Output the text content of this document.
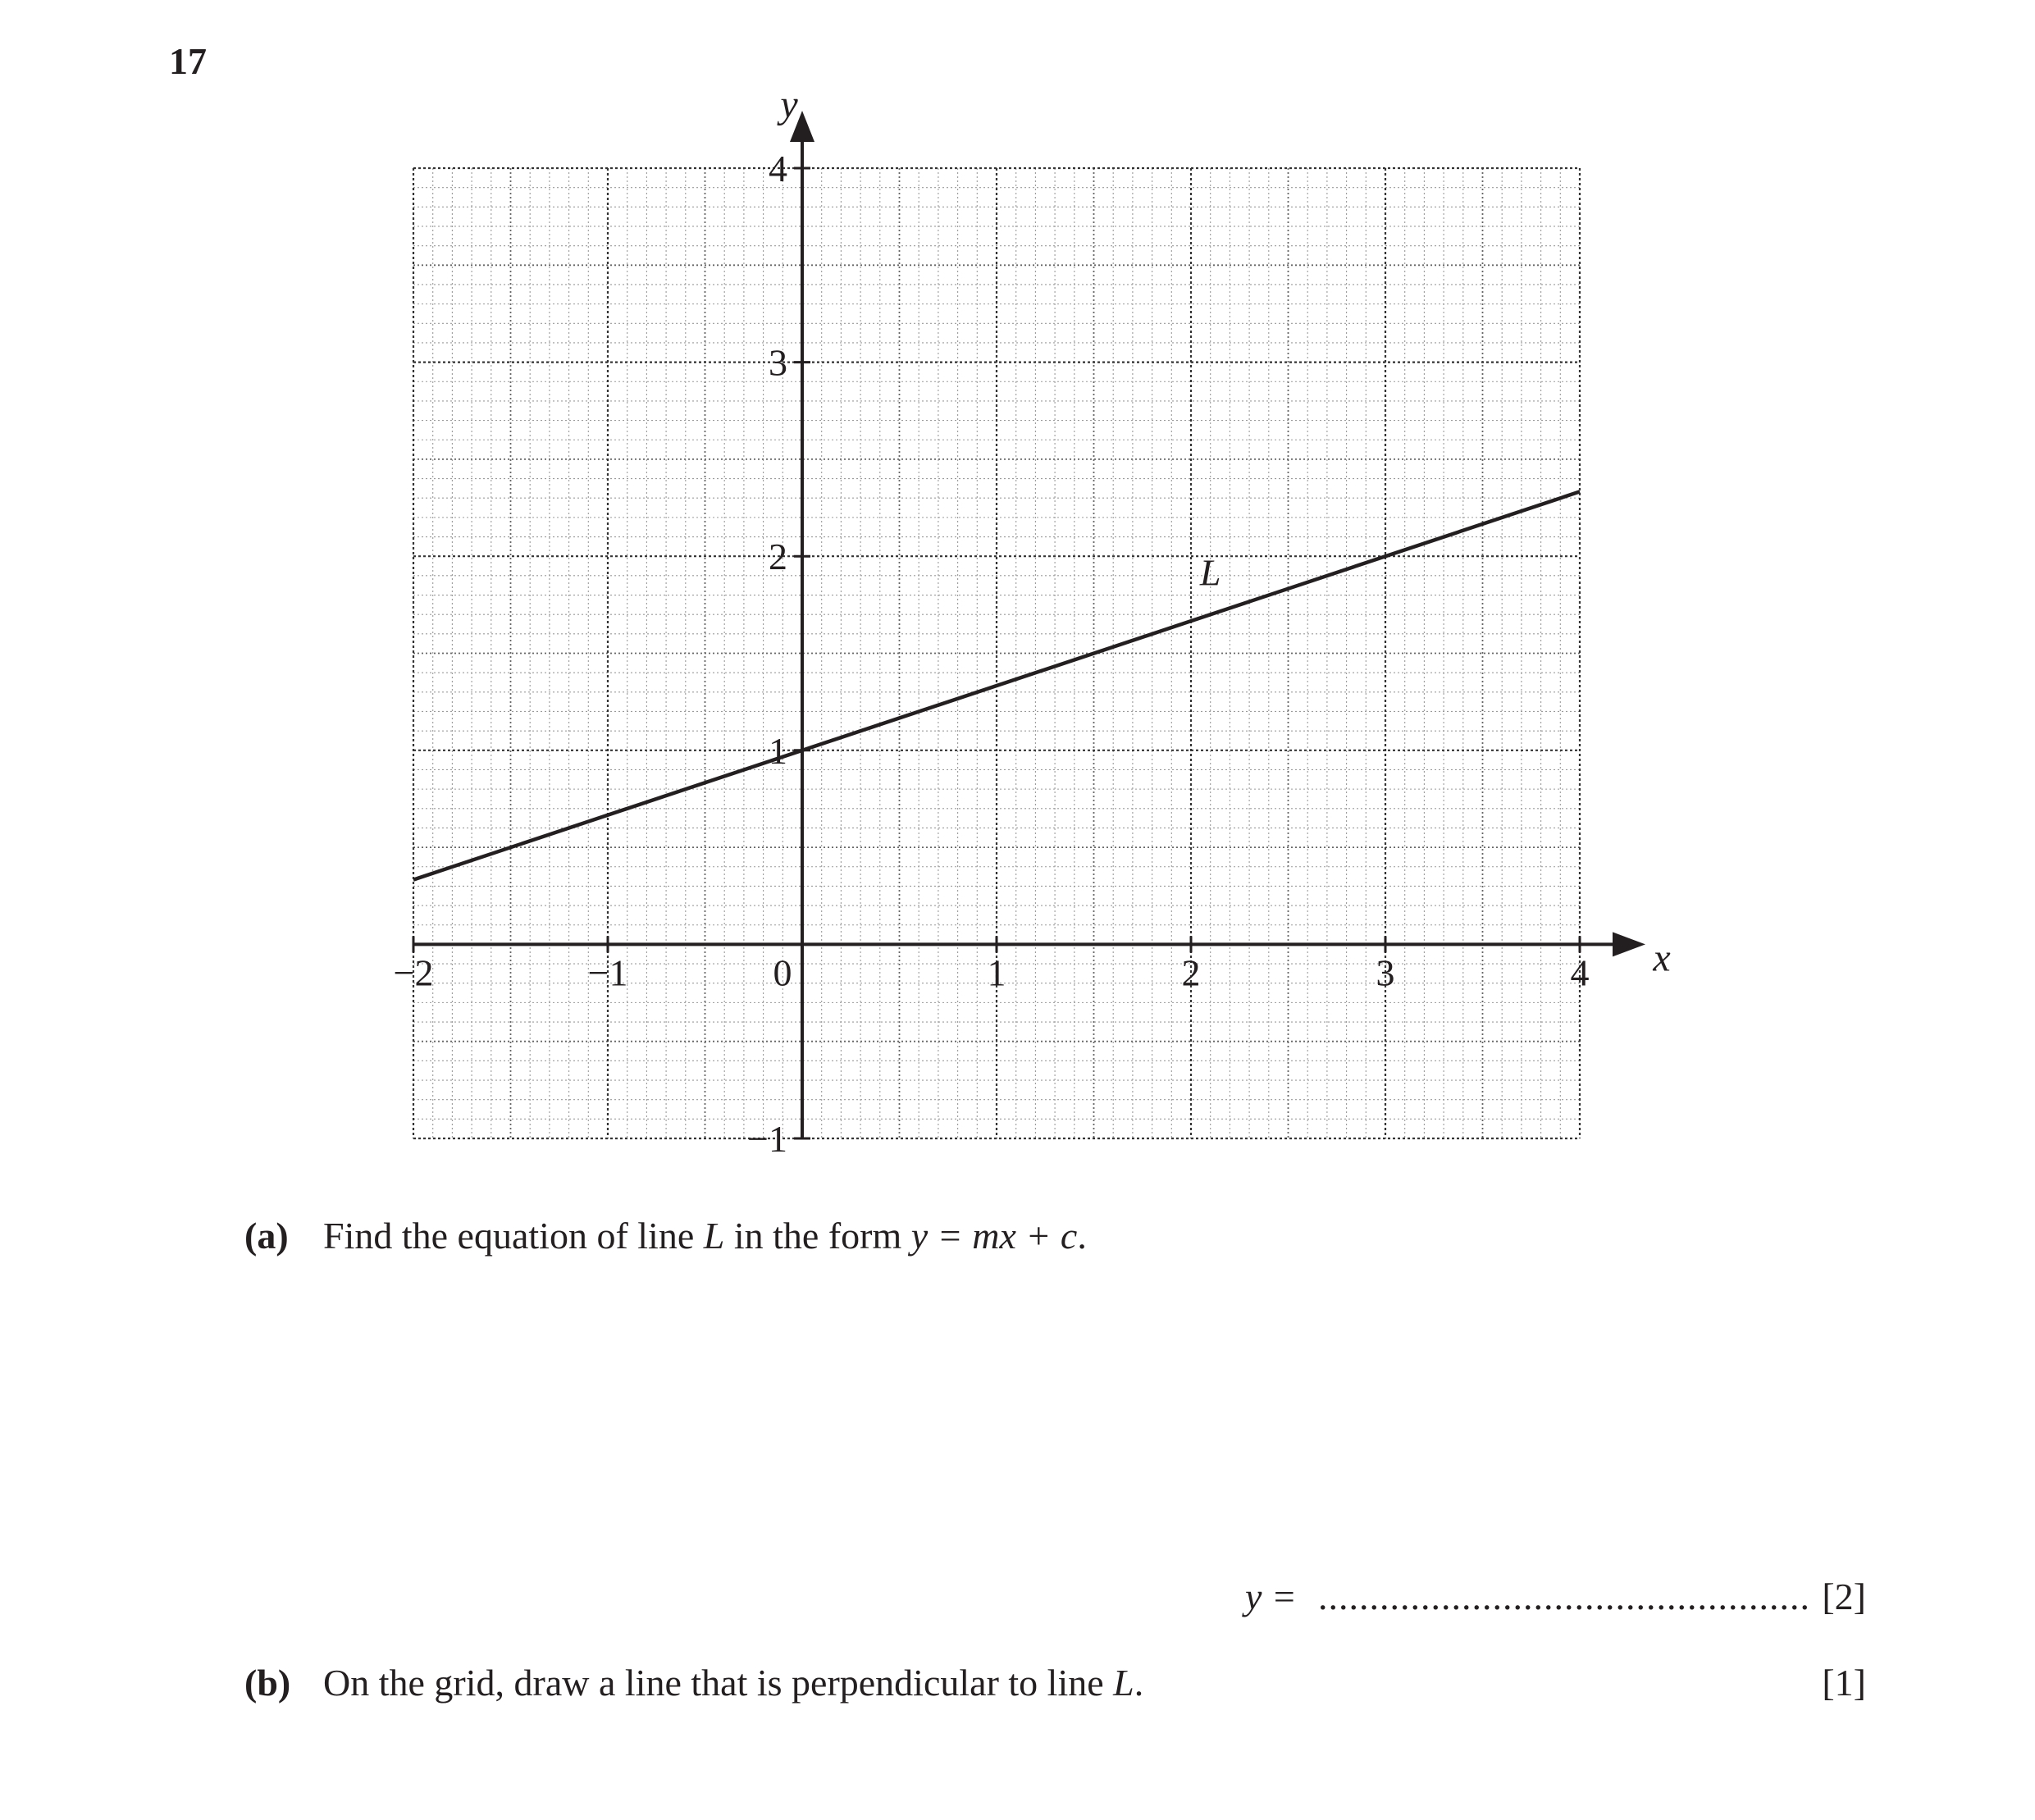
17
x
y
−2	−1	0	1	2	3	4
−1
1
2
3
4
L
(a) Find the equation of line L in the form y = mx + c.
y = ................................................ [2]
(b) On the grid, draw a line that is perpendicular to line L.	[1]
